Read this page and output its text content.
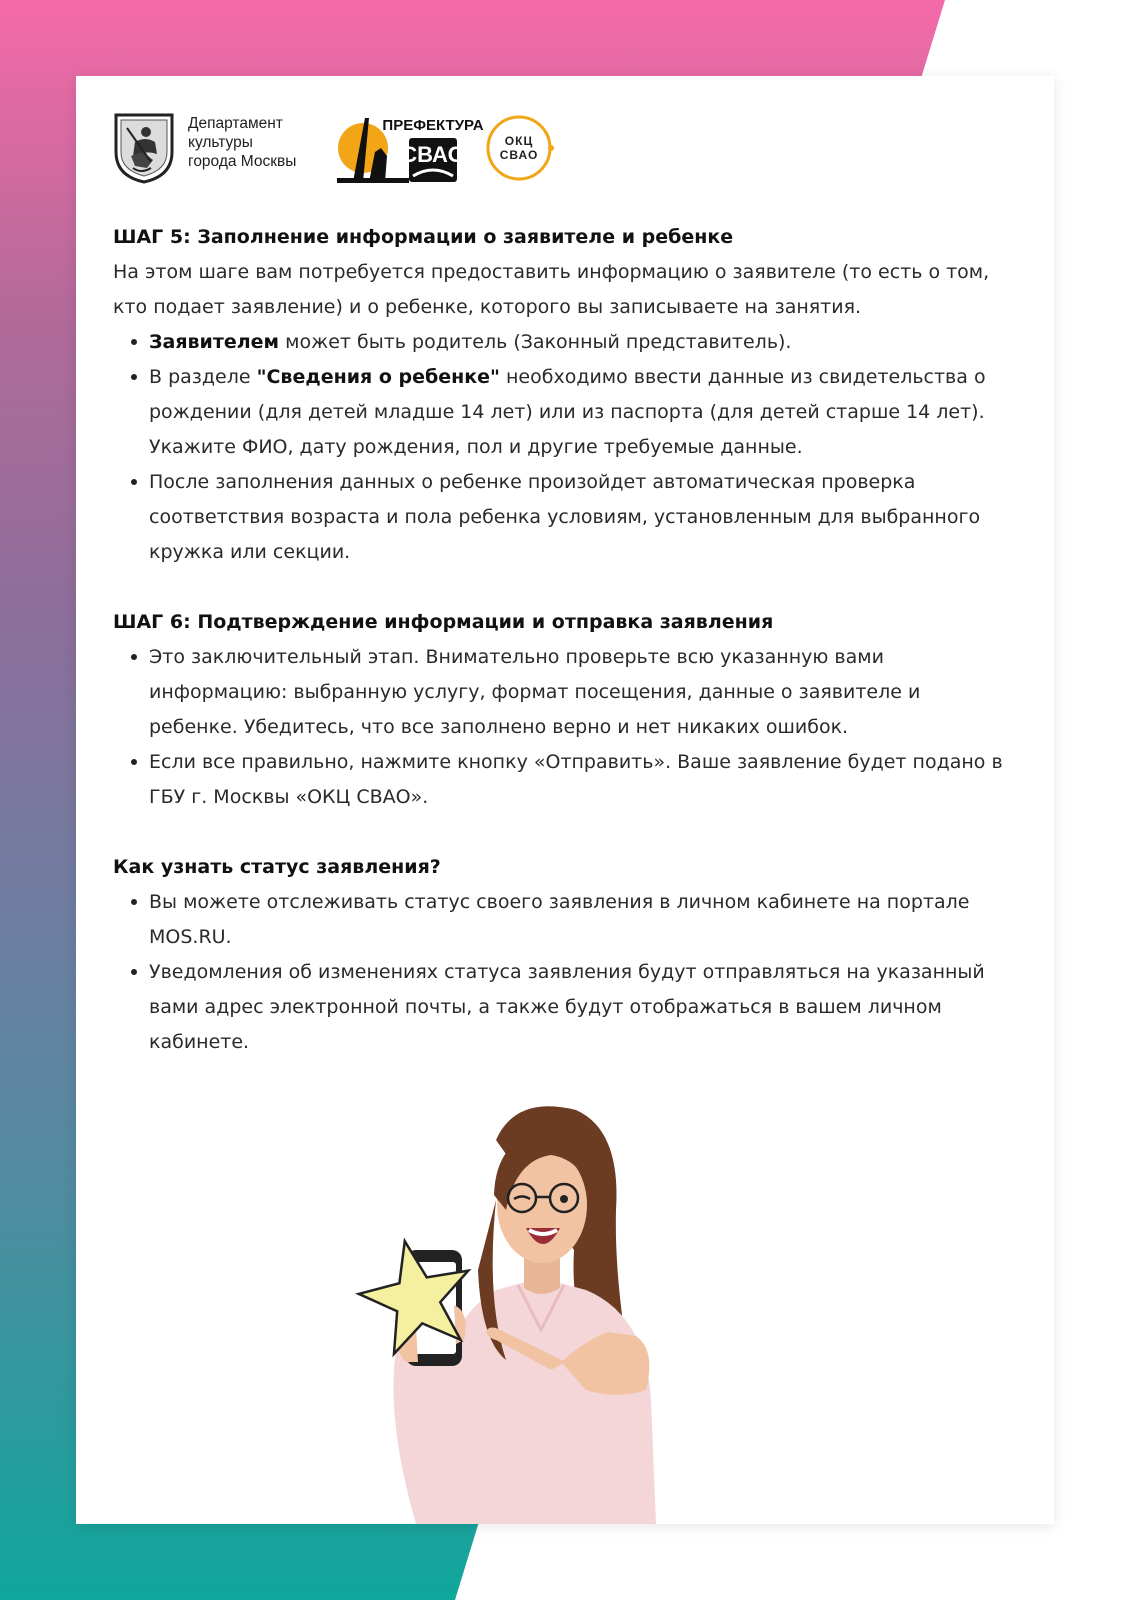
Департамент
культуры
города Москвы
ПРЕФЕКТУРА
СВАО
ОКЦ
СВАО
ШАГ 5: Заполнение информации о заявителе и ребенке

На этом шаге вам потребуется предоставить информацию о заявителе (то есть о том, кто подает заявление) и о ребенке, которого вы записываете на занятия.

Заявителем может быть родитель (Законный представитель).
В разделе "Сведения о ребенке" необходимо ввести данные из свидетельства о рождении (для детей младше 14 лет) или из паспорта (для детей старше 14 лет). Укажите ФИО, дату рождения, пол и другие требуемые данные.
После заполнения данных о ребенке произойдет автоматическая проверка соответствия возраста и пола ребенка условиям, установленным для выбранного кружка или секции.
ШАГ 6: Подтверждение информации и отправка заявления
Это заключительный этап. Внимательно проверьте всю указанную вами информацию: выбранную услугу, формат посещения, данные о заявителе и ребенке. Убедитесь, что все заполнено верно и нет никаких ошибок.
Если все правильно, нажмите кнопку «Отправить». Ваше заявление будет подано в ГБУ г. Москвы «ОКЦ СВАО».
Как узнать статус заявления?
Вы можете отслеживать статус своего заявления в личном кабинете на портале MOS.RU.
Уведомления об изменениях статуса заявления будут отправляться на указанный вами адрес электронной почты, а также будут отображаться в вашем личном кабинете.
